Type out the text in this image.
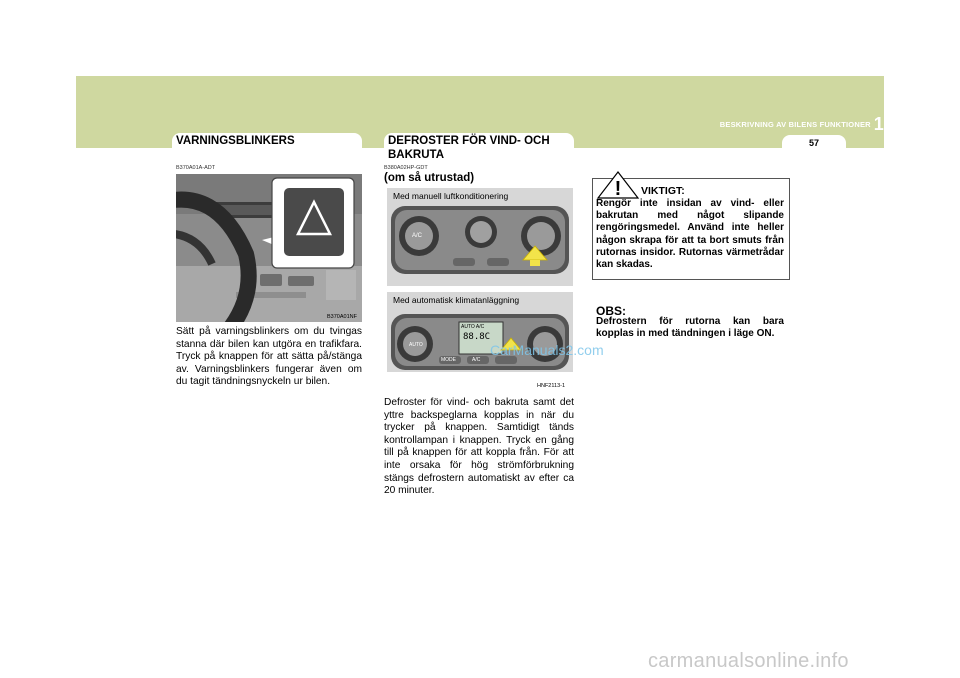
BESKRIVNING AV BILENS FUNKTIONER 1
57
VARNINGSBLINKERS
B370A01A-ADT
B370A01NF
Sätt på varningsblinkers om du tvingas stanna där bilen kan utgöra en trafikfara. Tryck på knappen för att sätta på/stänga av. Varningsblinkers fungerar även om du tagit tändningsnyckeln ur bilen.
DEFROSTER FÖR VIND- OCH BAKRUTA
B380A02HP-GDT
(om så utrustad)
Med manuell luftkonditionering
A/C
Med automatisk klimatanläggning
AUTO A/C
88.8C
AUTO
MODE	A/C
HNF2113-1
Defroster för vind- och bakruta samt det yttre backspeglarna kopplas in när du trycker på knappen. Samtidigt tänds kontrollampan i knappen. Tryck en gång till på knappen för att koppla från. För att inte orsaka för hög strömförbrukning stängs defrostern automatiskt av efter ca 20 minuter.
! VIKTIGT:
Rengör inte insidan av vind- eller bakrutan med något slipande rengöringsmedel. Använd inte heller någon skrapa för att ta bort smuts från rutornas insidor. Rutornas värmetrådar kan skadas.
OBS:
Defrostern för rutorna kan bara kopplas in med tändningen i läge ON.
CarManuals2.com
carmanualsonline.info
